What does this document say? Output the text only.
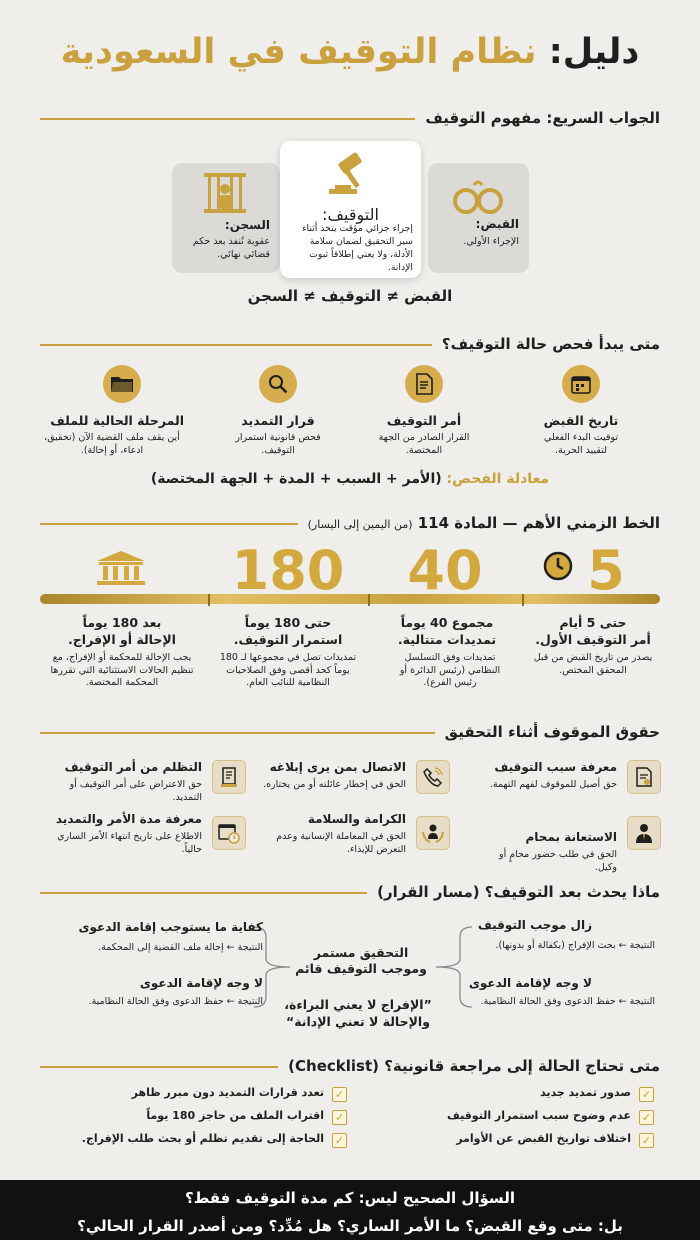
دليل: نظام التوقيف في السعودية
الجواب السريع: مفهوم التوقيف
القبض:
الإجراء الأولي.
السجن:
عقوبة تُنفذ بعد حكم قضائي نهائي.
التوقيف:
إجراء جزائي مؤقت يتخذ أثناء سير التحقيق لضمان سلامة الأدلة، ولا يعني إطلاقاً ثبوت الإدانة.
القبض ≠ التوقيف ≠ السجن
متى يبدأ فحص حالة التوقيف؟
تاريخ القبض
توقيت البدء الفعلي لتقييد الحرية.
أمر التوقيف
القرار الصادر من الجهة المختصة.
قرار التمديد
فحص قانونية استمرار التوقيف.
المرحلة الحالية للملف
أين يقف ملف القضية الآن (تحقيق، ادعاء، أو إحالة).
معادلة الفحص: (الأمر + السبب + المدة + الجهة المختصة)
الخط الزمني الأهم — المادة 114 (من اليمين إلى اليسار)
5
40
180
حتى 5 أيام
أمر التوقيف الأول.
يصدر من تاريخ القبض من قبل المحقق المختص.
مجموع 40 يوماً
تمديدات متتالية.
تمديدات وفق التسلسل النظامي (رئيس الدائرة أو رئيس الفرع).
حتى 180 يوماً
استمرار التوقيف.
تمديدات تصل في مجموعها لـ 180 يوماً كحد أقصى وفق الصلاحيات النظامية للنائب العام.
بعد 180 يوماً
الإحالة أو الإفراج.
يجب الإحالة للمحكمة أو الإفراج، مع تنظيم الحالات الاستثنائية التي تقررها المحكمة المختصة.
حقوق الموقوف أثناء التحقيق
معرفة سبب التوقيف
حق أصيل للموقوف لفهم التهمة.
الاتصال بمن يرى إبلاغه
الحق في إخطار عائلته أو من يختاره.
التظلم من أمر التوقيف
حق الاعتراض على أمر التوقيف أو التمديد.
الاستعانة بمحام
الحق في طلب حضور محامٍ أو وكيل.
الكرامة والسلامة
الحق في المعاملة الإنسانية وعدم التعرض للإيذاء.
معرفة مدة الأمر والتمديد
الاطلاع على تاريخ انتهاء الأمر الساري حالياً.
ماذا يحدث بعد التوقيف؟ (مسار القرار)
زال موجب التوقيف
النتيجة ← بحث الإفراج (بكفالة أو بدونها).
لا وجه لإقامة الدعوى
النتيجة ← حفظ الدعوى وفق الحالة النظامية.
التحقيق مستمر وموجب التوقيف قائم
”الإفراج لا يعني البراءة، والإحالة لا تعني الإدانة“
كفاية ما يستوجب إقامة الدعوى
النتيجة ← إحالة ملف القضية إلى المحكمة.
لا وجه لإقامة الدعوى
النتيجة ← حفظ الدعوى وفق الحالة النظامية.
متى تحتاج الحالة إلى مراجعة قانونية؟ (Checklist)
✓
صدور تمديد جديد
✓
عدم وضوح سبب استمرار التوقيف
✓
اختلاف تواريخ القبض عن الأوامر
✓
تعدد قرارات التمديد دون مبرر ظاهر
✓
اقتراب الملف من حاجز 180 يوماً
✓
الحاجة إلى تقديم تظلم أو بحث طلب الإفراج.
السؤال الصحيح ليس: كم مدة التوقيف فقط؟
بل: متى وقع القبض؟ ما الأمر الساري؟ هل مُدِّد؟ ومن أصدر القرار الحالي؟
